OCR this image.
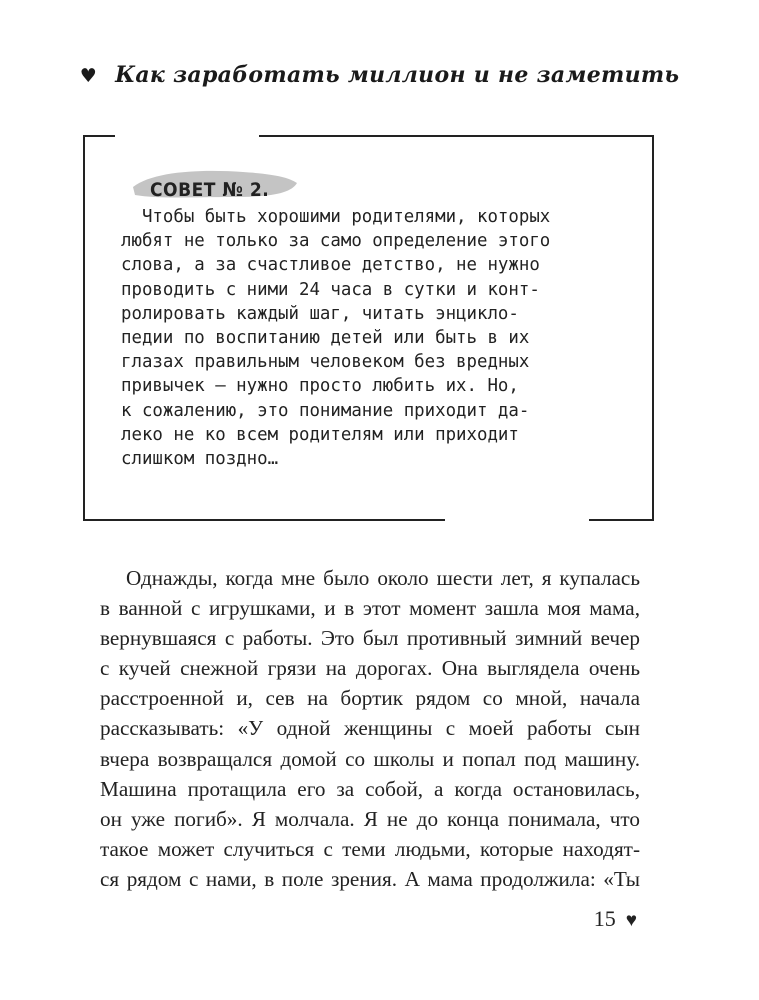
♥ Как заработать миллион и не заметить
СОВЕТ № 2.
Чтобы быть хорошими родителями, которых
любят не только за само определение этого
слова, а за счастливое детство, не нужно
проводить с ними 24 часа в сутки и конт-
ролировать каждый шаг, читать энцикло-
педии по воспитанию детей или быть в их
глазах правильным человеком без вредных
привычек — нужно просто любить их. Но,
к сожалению, это понимание приходит да-
леко не ко всем родителям или приходит
слишком поздно…
Однажды, когда мне было около шести лет, я купалась
в ванной с игрушками, и в этот момент зашла моя мама,
вернувшаяся с работы. Это был противный зимний вечер
с кучей снежной грязи на дорогах. Она выглядела очень
расстроенной и, сев на бортик рядом со мной, начала
рассказывать: «У одной женщины с моей работы сын
вчера возвращался домой со школы и попал под машину.
Машина протащила его за собой, а когда остановилась,
он уже погиб». Я молчала. Я не до конца понимала, что
такое может случиться с теми людьми, которые находят-
ся рядом с нами, в поле зрения. А мама продолжила: «Ты
15 ♥
